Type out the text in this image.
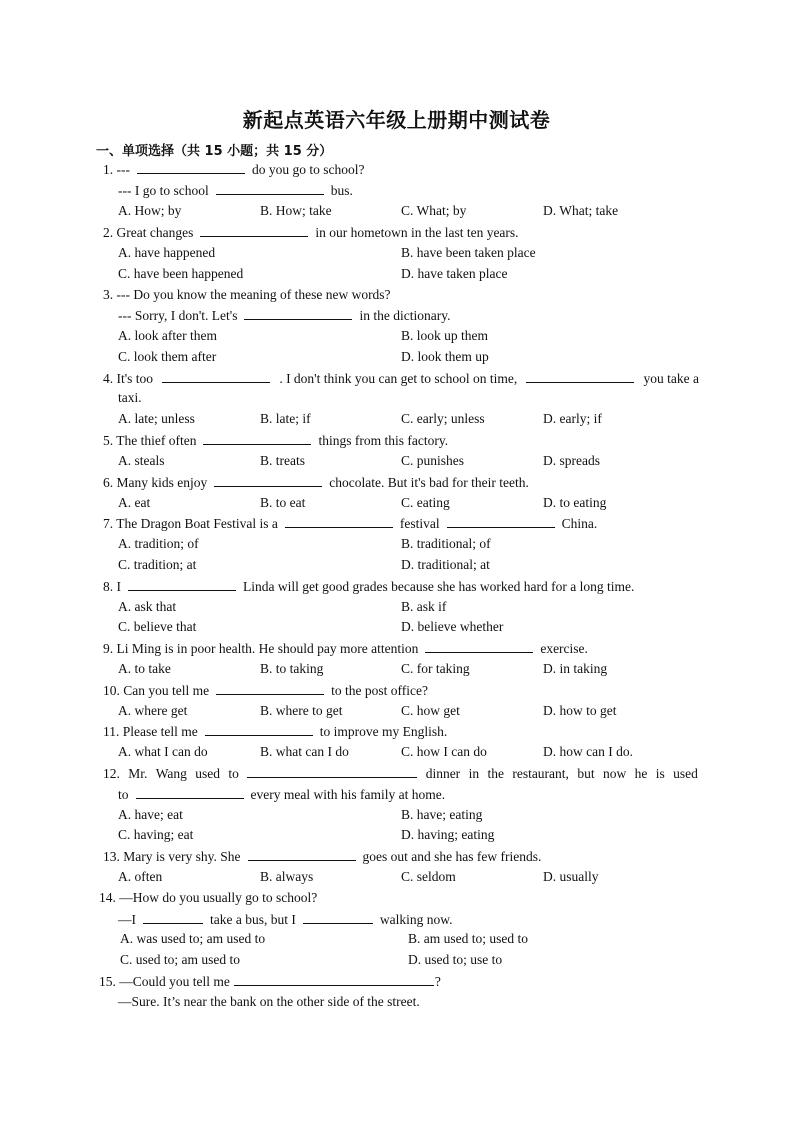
新起点英语六年级上册期中测试卷
一、单项选择（共 15 小题；共 15 分）
1. ---	do you go to school?
--- I go to school	bus.
A. How; by	B. How; take	C. What; by	D. What; take
2. Great changes	in our hometown in the last ten years.
A. have happened	B. have been taken place
C. have been happened	D. have taken place
3. --- Do you know the meaning of these new words?
--- Sorry, I don't. Let's	in the dictionary.
A. look after them	B. look up them
C. look them after	D. look them up
4. It's too	. I don't think you can get to school on time,	you take a
taxi.
A. late; unless	B. late; if	C. early; unless	D. early; if
5. The thief often	things from this factory.
A. steals	B. treats	C. punishes	D. spreads
6. Many kids enjoy	chocolate. But it's bad for their teeth.
A. eat	B. to eat	C. eating	D. to eating
7. The Dragon Boat Festival is a	festival	China.
A. tradition; of	B. traditional; of
C. tradition; at	D. traditional; at
8. I	Linda will get good grades because she has worked hard for a long time.
A. ask that	B. ask if
C. believe that	D. believe whether
9. Li Ming is in poor health. He should pay more attention	exercise.
A. to take	B. to taking	C. for taking	D. in taking
10. Can you tell me	to the post office?
A. where get	B. where to get	C. how get	D. how to get
11. Please tell me	to improve my English.
A. what I can do	B. what can I do	C. how I can do	D. how can I do.
12. Mr. Wang used to	dinner in the restaurant, but now he is used
to	every meal with his family at home.
A. have; eat	B. have; eating
C. having; eat	D. having; eating
13. Mary is very shy. She	goes out and she has few friends.
A. often	B. always	C. seldom	D. usually
14. —How do you usually go to school?
—I	take a bus, but I	walking now.
A. was used to; am used to	B. am used to; used to
C. used to; am used to	D. used to; use to
15. —Could you tell me	?
—Sure. It’s near the bank on the other side of the street.
